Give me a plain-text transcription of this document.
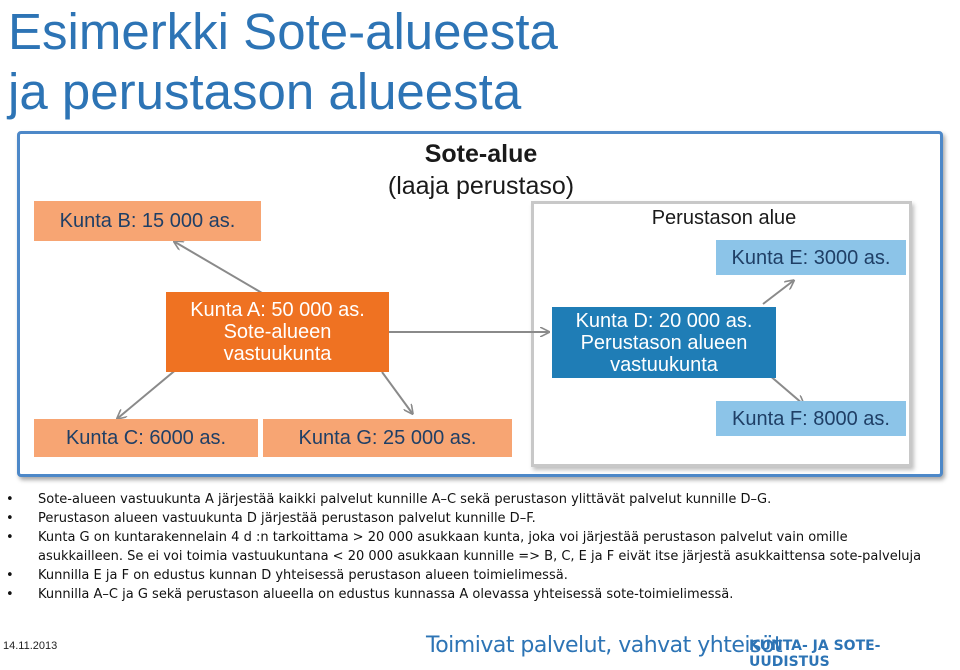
Esimerkki Sote-alueesta
ja perustason alueesta
Sote-alue
(laaja perustaso)
Perustason alue
Kunta B: 15 000 as.
Kunta A: 50 000 as.
Sote-alueen
vastuukunta
Kunta C: 6000 as.	Kunta G: 25 000 as.
Kunta D: 20 000 as.
Perustason alueen
vastuukunta
Kunta E: 3000 as.
Kunta F: 8000 as.
• Sote-alueen vastuukunta A järjestää kaikki palvelut kunnille A–C sekä perustason ylittävät palvelut kunnille D–G.
• Perustason alueen vastuukunta D järjestää perustason palvelut kunnille D–F.
• Kunta G on kuntarakennelain 4 d :n tarkoittama > 20 000 asukkaan kunta, joka voi järjestää perustason palvelut vain omille
asukkailleen. Se ei voi toimia vastuukuntana < 20 000 asukkaan kunnille => B, C, E ja F eivät itse järjestä asukkaittensa sote-palveluja
• Kunnilla E ja F on edustus kunnan D yhteisessä perustason alueen toimielimessä.
• Kunnilla A–C ja G sekä perustason alueella on edustus kunnassa A olevassa yhteisessä sote-toimielimessä.
14.11.2013	Toimivat palvelut, vahvat yhteisöt
KUNTA- JA SOTE-UUDISTUS
